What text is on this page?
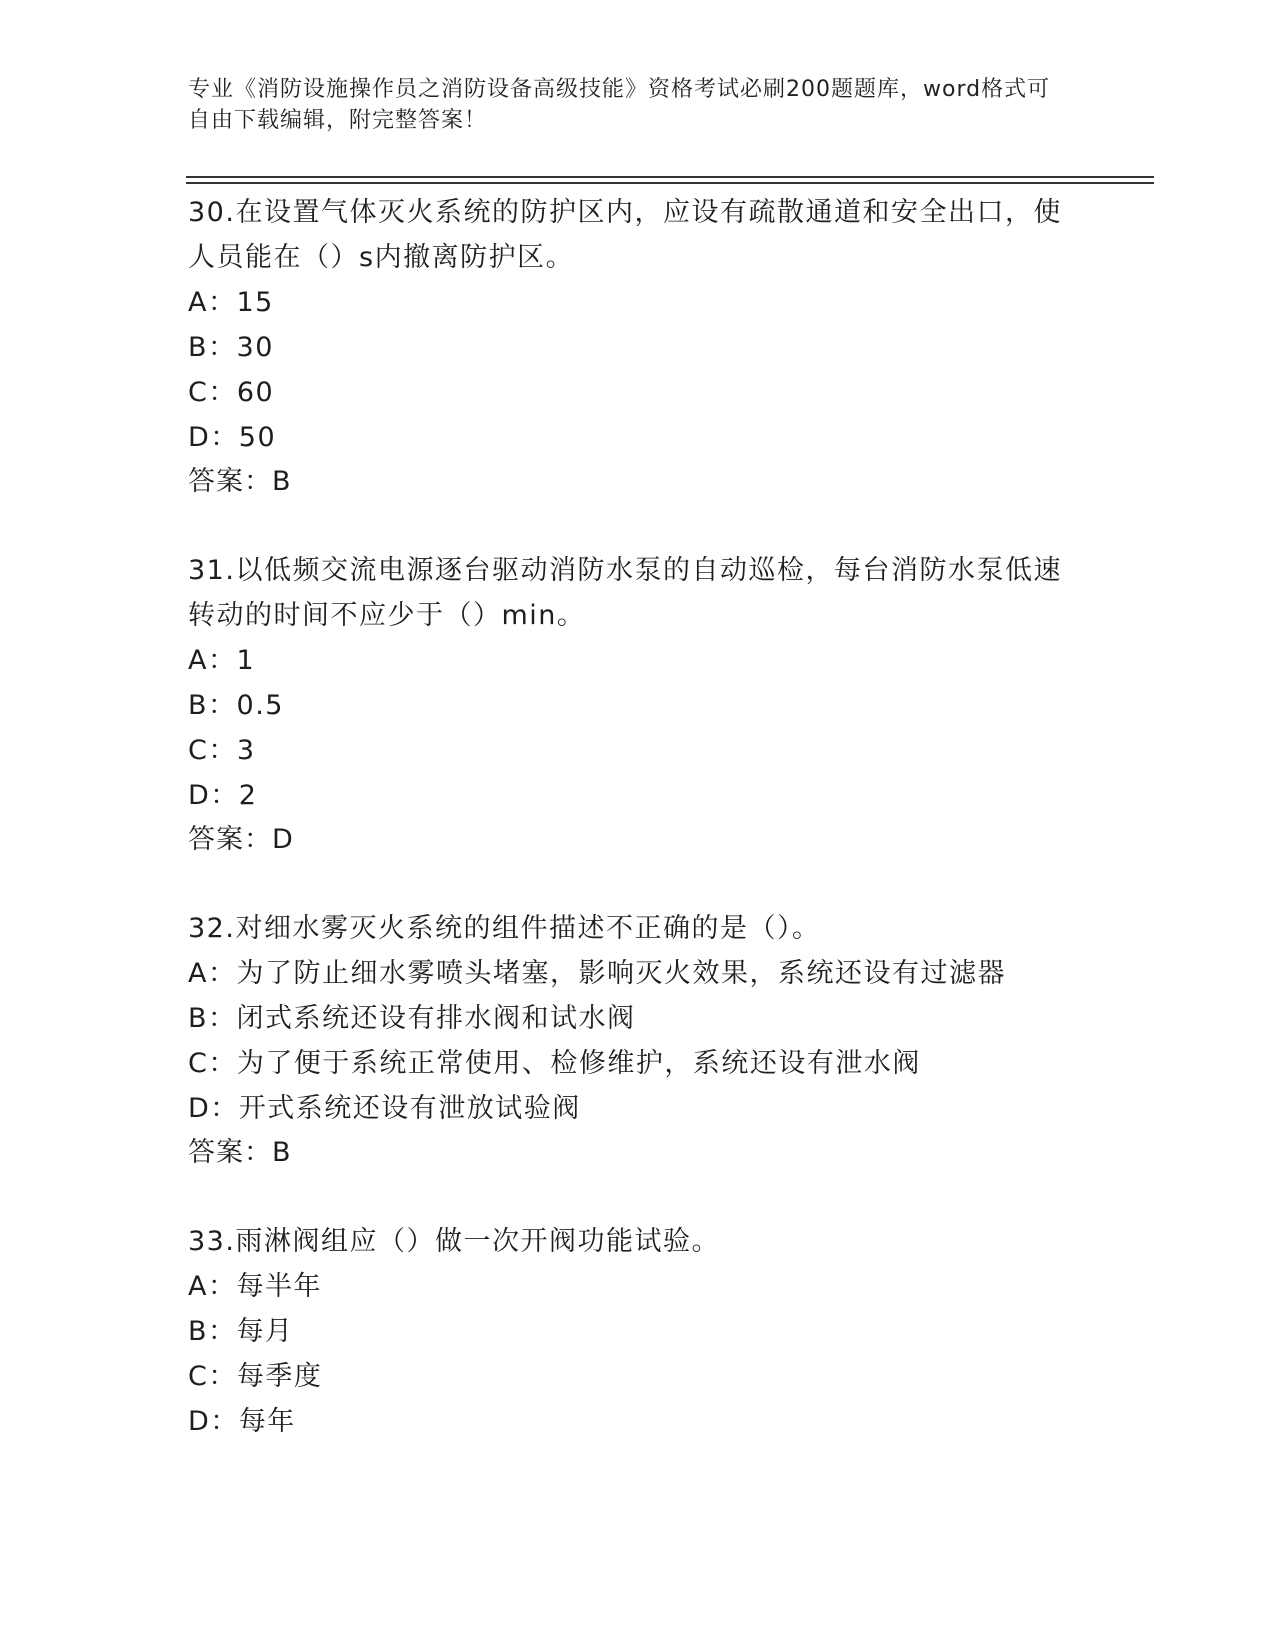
专业《消防设施操作员之消防设备高级技能》资格考试必刷200题题库，word格式可自由下载编辑，附完整答案！

30.在设置气体灭火系统的防护区内，应设有疏散通道和安全出口，使人员能在（）s内撤离防护区。

A：15

B：30

C：60

D：50

答案：B

31.以低频交流电源逐台驱动消防水泵的自动巡检，每台消防水泵低速转动的时间不应少于（）min。

A：1

B：0.5

C：3

D：2

答案：D

32.对细水雾灭火系统的组件描述不正确的是（）。

A：为了防止细水雾喷头堵塞，影响灭火效果，系统还设有过滤器

B：闭式系统还设有排水阀和试水阀

C：为了便于系统正常使用、检修维护，系统还设有泄水阀

D：开式系统还设有泄放试验阀

答案：B

33.雨淋阀组应（）做一次开阀功能试验。

A：每半年

B：每月

C：每季度

D：每年
